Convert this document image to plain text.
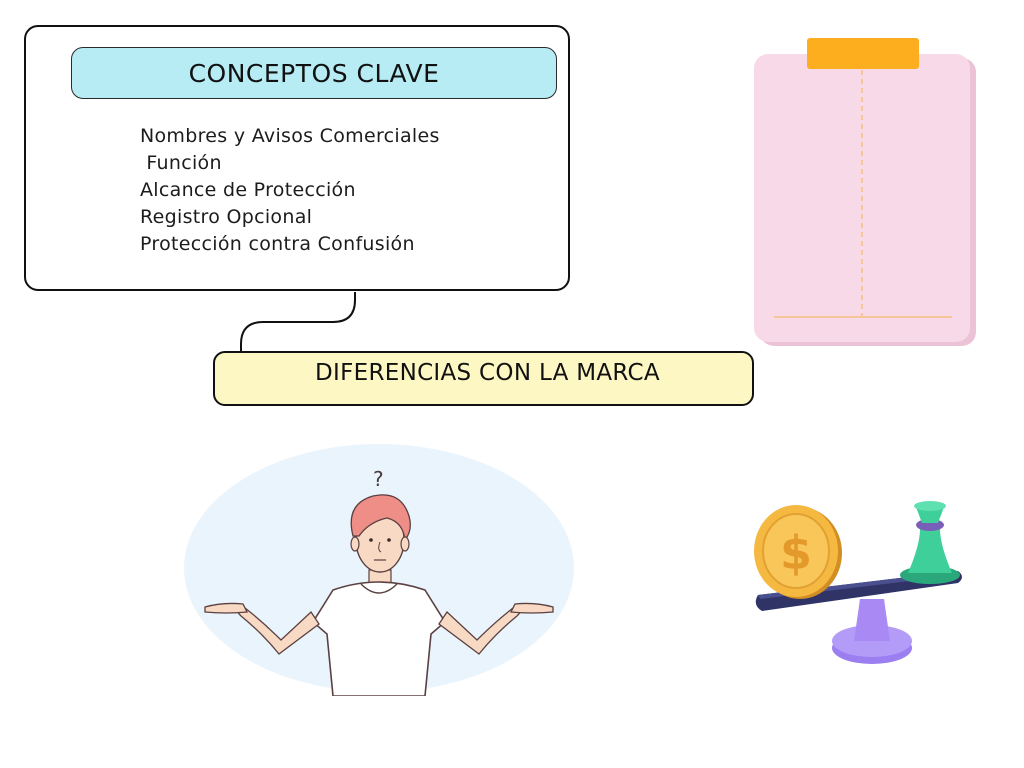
CONCEPTOS CLAVE
Nombres y Avisos Comerciales
Función
Alcance de Protección
Registro Opcional
Protección contra Confusión
DIFERENCIAS CON LA MARCA
?
$
